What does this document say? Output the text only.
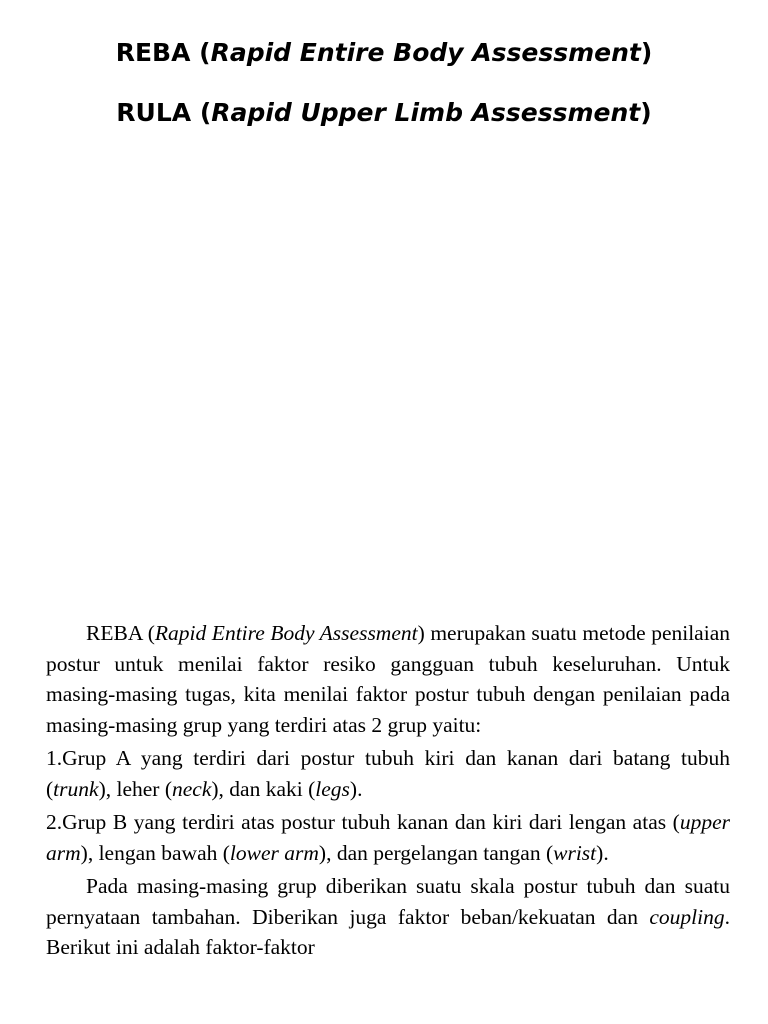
REBA (Rapid Entire Body Assessment)
RULA (Rapid Upper Limb Assessment)

REBA (Rapid Entire Body Assessment) merupakan suatu metode penilaian postur untuk menilai faktor resiko gangguan tubuh keseluruhan. Untuk masing-masing tugas, kita menilai faktor postur tubuh dengan penilaian pada masing-masing grup yang terdiri atas 2 grup yaitu:

1.Grup A yang terdiri dari postur tubuh kiri dan kanan dari batang tubuh (trunk), leher (neck), dan kaki (legs).

2.Grup B yang terdiri atas postur tubuh kanan dan kiri dari lengan atas (upper arm), lengan bawah (lower arm), dan pergelangan tangan (wrist).

Pada masing-masing grup diberikan suatu skala postur tubuh dan suatu pernyataan tambahan. Diberikan juga faktor beban/kekuatan dan coupling. Berikut ini adalah faktor-faktor
